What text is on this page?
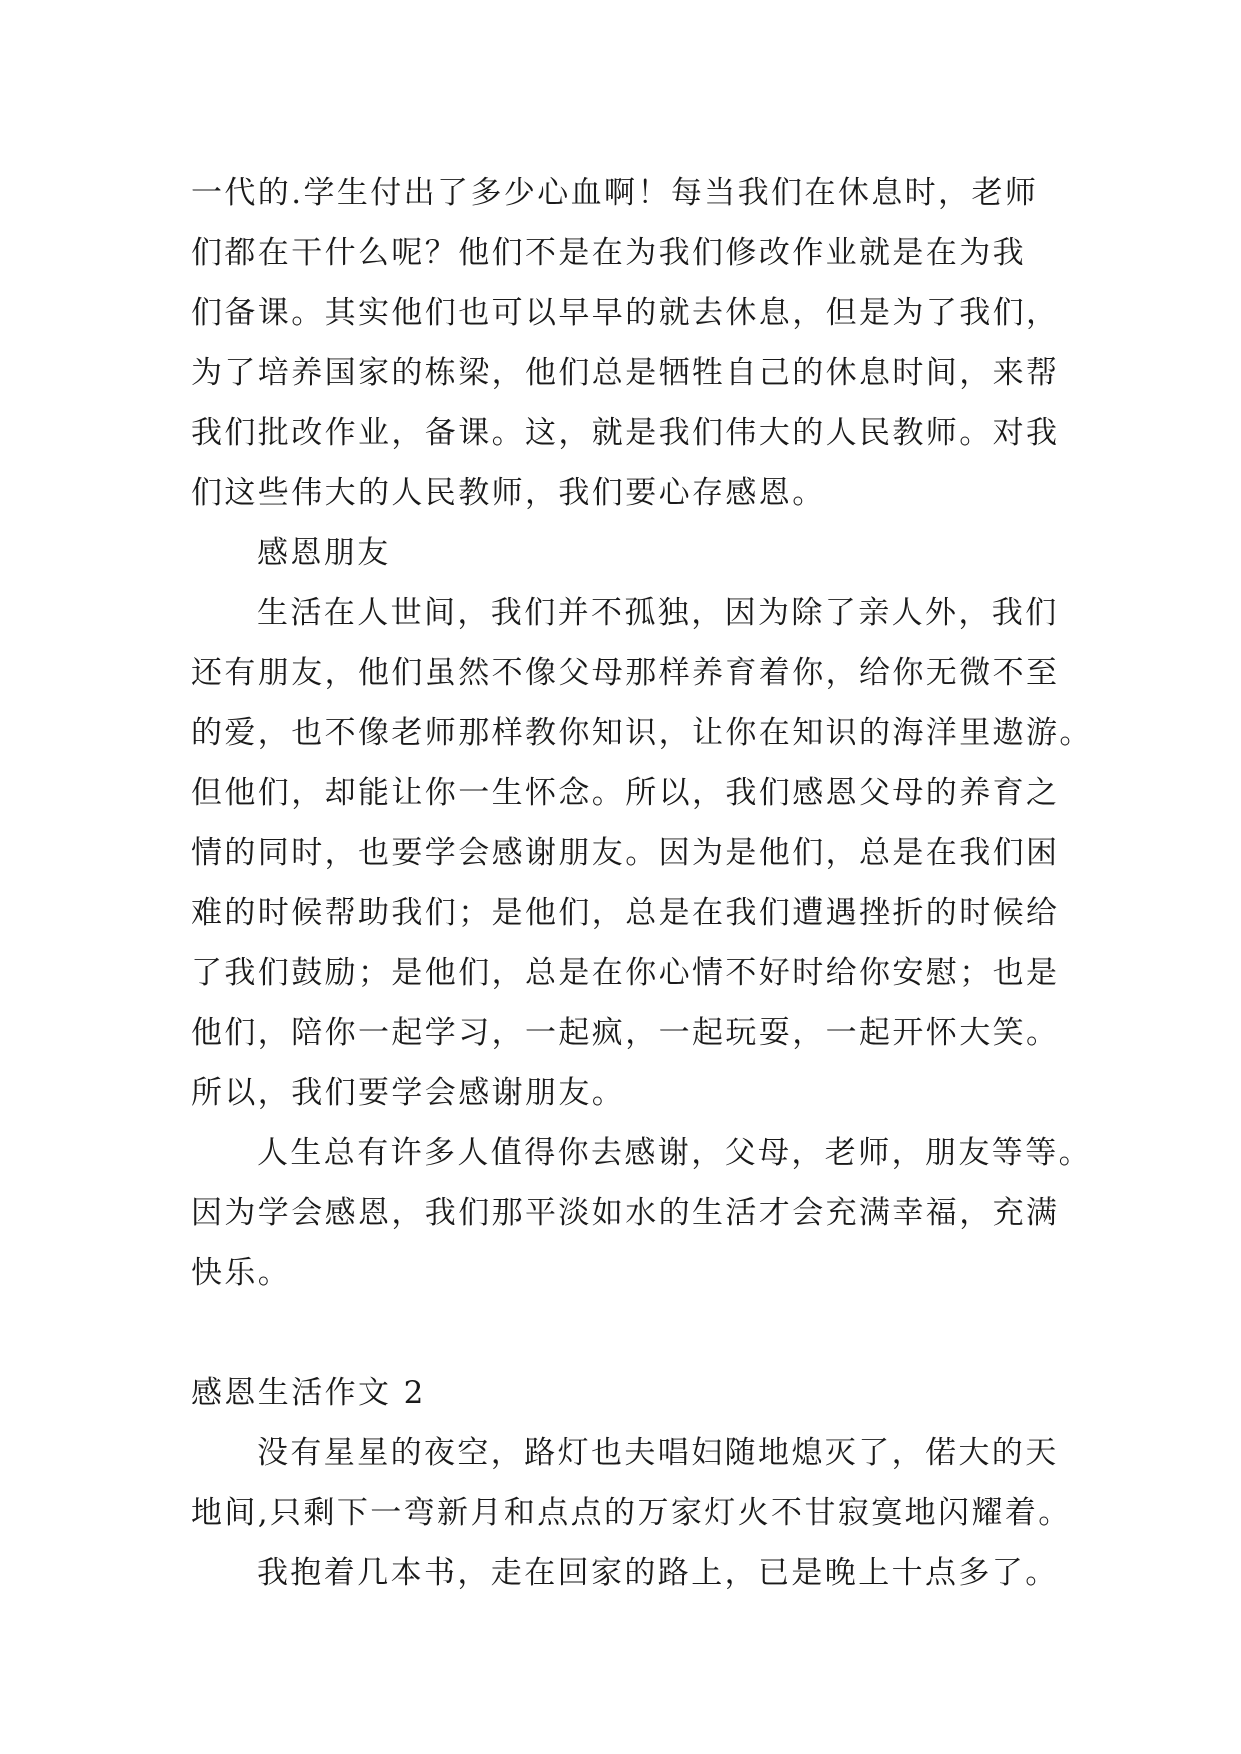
一代的.学生付出了多少心血啊！每当我们在休息时，老师

们都在干什么呢？他们不是在为我们修改作业就是在为我

们备课。其实他们也可以早早的就去休息，但是为了我们，

为了培养国家的栋梁，他们总是牺牲自己的休息时间，来帮

我们批改作业，备课。这，就是我们伟大的人民教师。对我

们这些伟大的人民教师，我们要心存感恩。

感恩朋友

生活在人世间，我们并不孤独，因为除了亲人外，我们

还有朋友，他们虽然不像父母那样养育着你，给你无微不至

的爱，也不像老师那样教你知识，让你在知识的海洋里遨游。

但他们，却能让你一生怀念。所以，我们感恩父母的养育之

情的同时，也要学会感谢朋友。因为是他们，总是在我们困

难的时候帮助我们；是他们，总是在我们遭遇挫折的时候给

了我们鼓励；是他们，总是在你心情不好时给你安慰；也是

他们，陪你一起学习，一起疯，一起玩耍，一起开怀大笑。

所以，我们要学会感谢朋友。

人生总有许多人值得你去感谢，父母，老师，朋友等等。

因为学会感恩，我们那平淡如水的生活才会充满幸福，充满

快乐。

感恩生活作文 2

没有星星的夜空，路灯也夫唱妇随地熄灭了，偌大的天

地间,只剩下一弯新月和点点的万家灯火不甘寂寞地闪耀着。

我抱着几本书，走在回家的路上，已是晚上十点多了。
